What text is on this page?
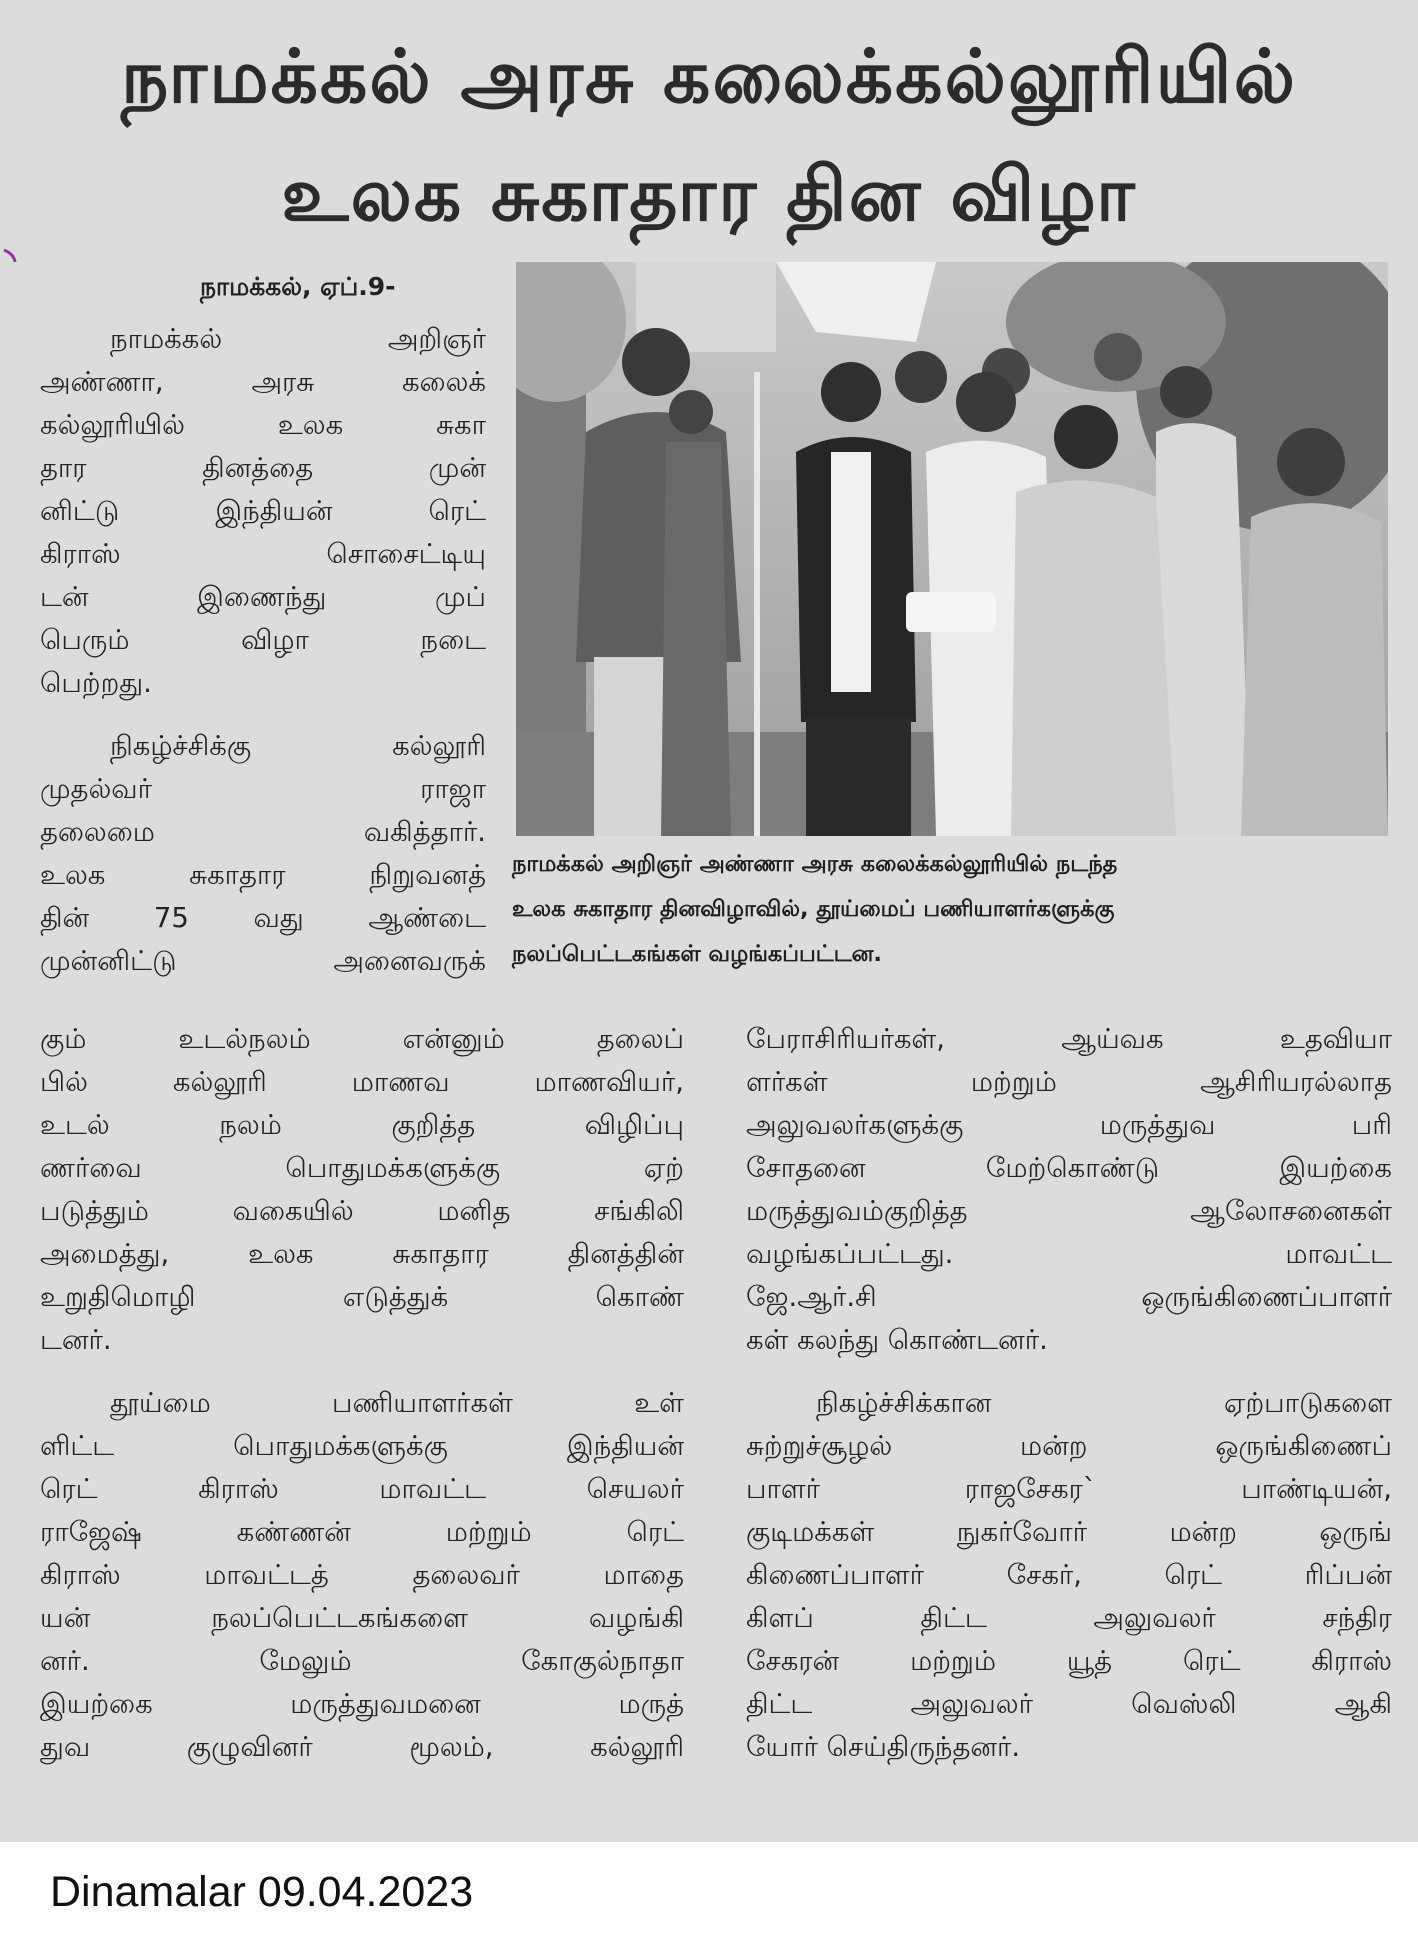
நாமக்கல் அரசு கலைக்கல்லூரியில்
உலக சுகாதார தின விழா
நாமக்கல், ஏப்.9-
நாமக்கல் அறிஞர்
அண்ணா, அரசு கலைக்
கல்லூரியில் உலக சுகா
தார தினத்தை முன்
னிட்டு இந்தியன் ரெட்
கிராஸ் சொசைட்டியு
டன் இணைந்து முப்
பெரும் விழா நடை
பெற்றது.
நிகழ்ச்சிக்கு கல்லூரி
முதல்வர் ராஜா
தலைமை வகித்தார்.
உலக சுகாதார நிறுவனத்
தின் 75 வது ஆண்டை
முன்னிட்டு அனைவருக்
நாமக்கல் அறிஞர் அண்ணா அரசு கலைக்கல்லூரியில் நடந்த
உலக சுகாதார தினவிழாவில், தூய்மைப் பணியாளர்களுக்கு
நலப்பெட்டகங்கள் வழங்கப்பட்டன.
கும் உடல்நலம் என்னும் தலைப்
பில் கல்லூரி மாணவ மாணவியர்,
உடல் நலம் குறித்த விழிப்பு
ணர்வை பொதுமக்களுக்கு ஏற்
படுத்தும் வகையில் மனித சங்கிலி
அமைத்து, உலக சுகாதார தினத்தின்
உறுதிமொழி எடுத்துக் கொண்
டனர்.
தூய்மை பணியாளர்கள் உள்
ளிட்ட பொதுமக்களுக்கு இந்தியன்
ரெட் கிராஸ் மாவட்ட செயலர்
ராஜேஷ் கண்ணன் மற்றும் ரெட்
கிராஸ் மாவட்டத் தலைவர் மாதை
யன் நலப்பெட்டகங்களை வழங்கி
னர். மேலும் கோகுல்நாதா
இயற்கை மருத்துவமனை மருத்
துவ குழுவினர் மூலம், கல்லூரி
பேராசிரியர்கள், ஆய்வக உதவியா
ளர்கள் மற்றும் ஆசிரியரல்லாத
அலுவலர்களுக்கு மருத்துவ பரி
சோதனை மேற்கொண்டு இயற்கை
மருத்துவம்குறித்த ஆலோசனைகள்
வழங்கப்பட்டது. மாவட்ட
ஜே.ஆர்.சி ஒருங்கிணைப்பாளர்
கள் கலந்து கொண்டனர்.
நிகழ்ச்சிக்கான ஏற்பாடுகளை
சுற்றுச்சூழல் மன்ற ஒருங்கிணைப்
பாளர் ராஜசேகர` பாண்டியன்,
குடிமக்கள் நுகர்வோர் மன்ற ஒருங்
கிணைப்பாளர் சேகர், ரெட் ரிப்பன்
கிளப் திட்ட அலுவலர் சந்திர
சேகரன் மற்றும் யூத் ரெட் கிராஸ்
திட்ட அலுவலர் வெஸ்லி ஆகி
யோர் செய்திருந்தனர்.
Dinamalar 09.04.2023
